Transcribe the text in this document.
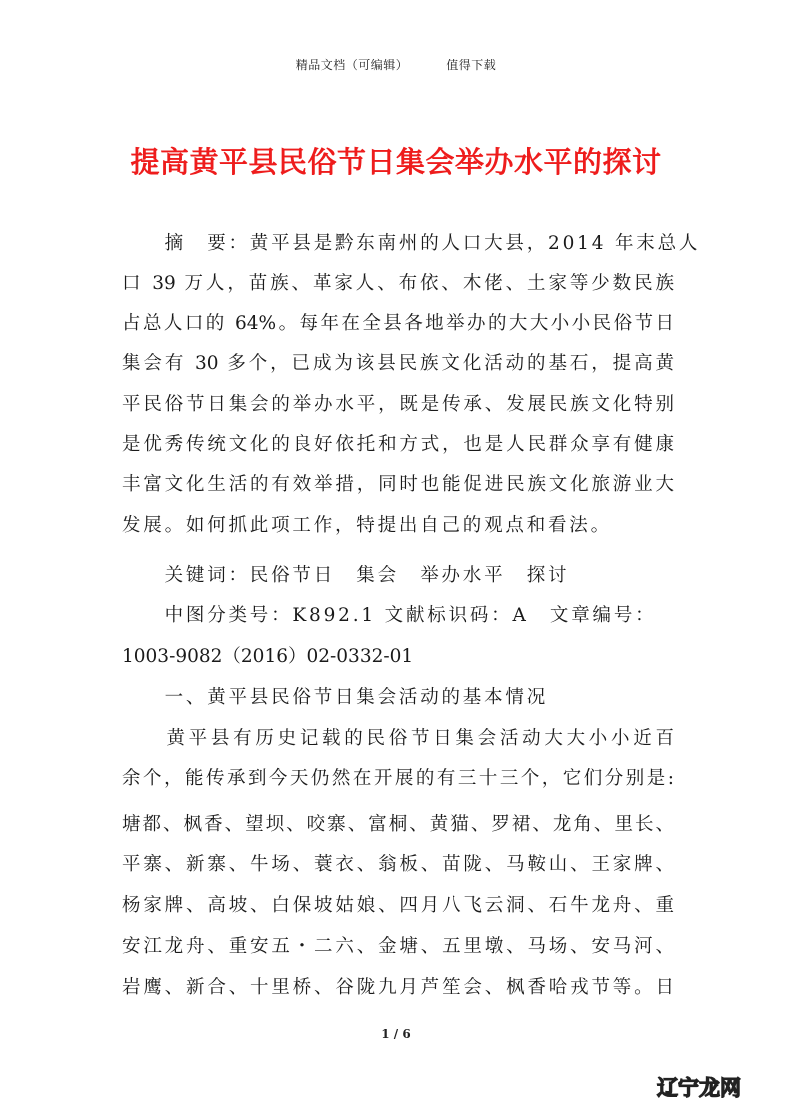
精品文档（可编辑）	值得下载
提高黄平县民俗节日集会举办水平的探讨
　　摘　要：黄平县是黔东南州的人口大县，2014 年末总人
口 39 万人，苗族、革家人、布依、木佬、土家等少数民族
占总人口的 64%。每年在全县各地举办的大大小小民俗节日
集会有 30 多个，已成为该县民族文化活动的基石，提高黄
平民俗节日集会的举办水平，既是传承、发展民族文化特别
是优秀传统文化的良好依托和方式，也是人民群众享有健康
丰富文化生活的有效举措，同时也能促进民族文化旅游业大
发展。如何抓此项工作，特提出自己的观点和看法。
　　关键词：民俗节日　集会　举办水平　探讨
　　中图分类号：K892.1 文献标识码：A　文章编号：
1003-9082（2016）02-0332-01
　　一、黄平县民俗节日集会活动的基本情况
　　黄平县有历史记载的民俗节日集会活动大大小小近百
余个，能传承到今天仍然在开展的有三十三个，它们分别是:
塘都、枫香、望坝、咬寨、富桐、黄猫、罗裙、龙角、里长、
平寨、新寨、牛场、蓑衣、翁板、苗陇、马鞍山、王家牌、
杨家牌、高坡、白保坡姑娘、四月八飞云洞、石牛龙舟、重
安江龙舟、重安五・二六、金塘、五里墩、马场、安马河、
岩鹰、新合、十里桥、谷陇九月芦笙会、枫香哈戎节等。日
1 / 6
辽宁龙网
